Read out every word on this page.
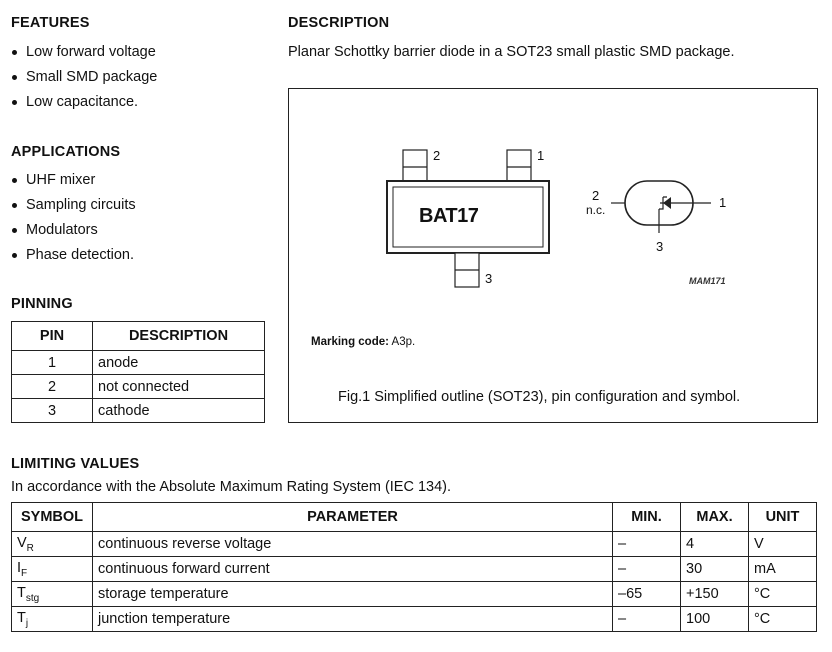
FEATURES
Low forward voltage
Small SMD package
Low capacitance.
APPLICATIONS
UHF mixer
Sampling circuits
Modulators
Phase detection.
PINNING
PIN	DESCRIPTION
1	anode
2	not connected
3	cathode
DESCRIPTION
Planar Schottky barrier diode in a SOT23 small plastic SMD package.
2	1
3
BAT17
2
n.c.	1
3
MAM171
Marking code: A3p.
Fig.1 Simplified outline (SOT23), pin configuration and symbol.
LIMITING VALUES
In accordance with the Absolute Maximum Rating System (IEC 134).
SYMBOL	PARAMETER	MIN.	MAX.	UNIT
$V_R$	continuous reverse voltage	–	4	V
$I_F$	continuous forward current	–	30	mA
$T_{stg}$	storage temperature	–65	+150	°C
$T_j$	junction temperature	–	100	°C
